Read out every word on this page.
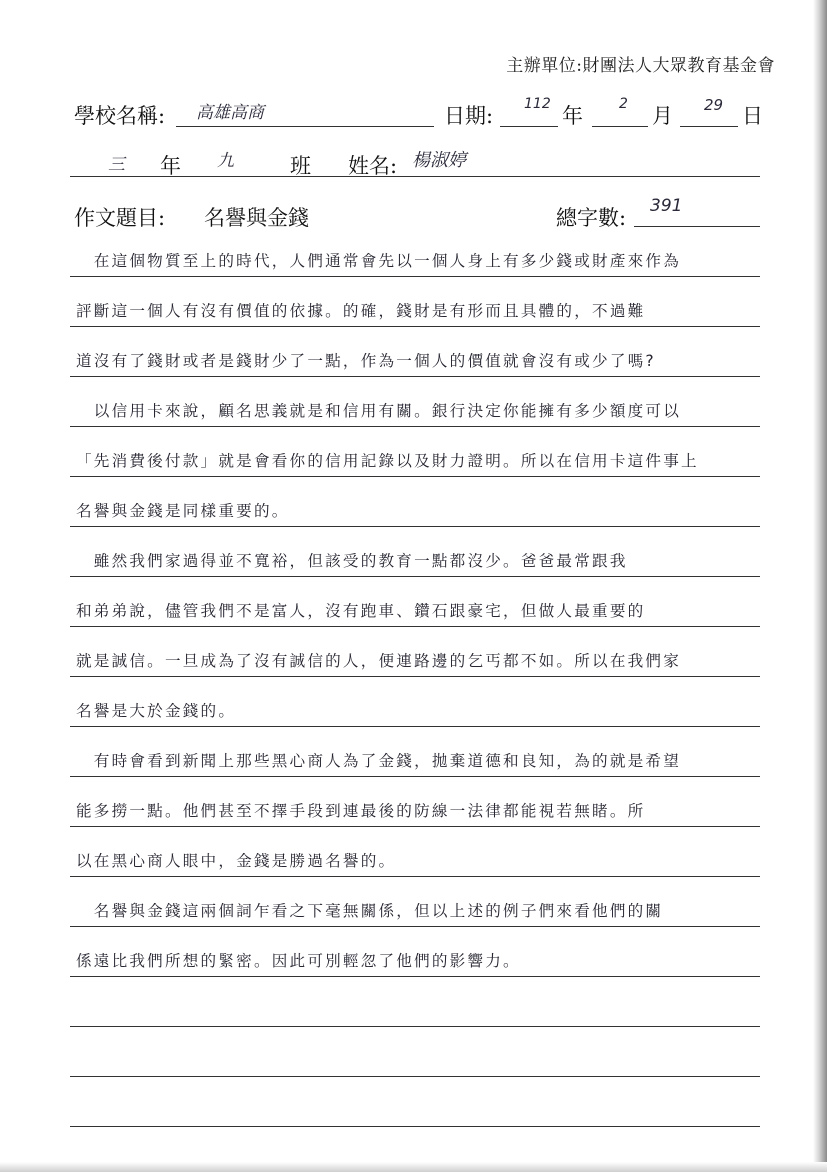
主辦單位:財團法人大眾教育基金會
學校名稱: 高雄高商	日期: 112 年	2 月 29 日
三 年 九	班 姓名: 楊淑婷
作文題目: 名譽與金錢	總字數: 391
　在這個物質至上的時代，人們通常會先以一個人身上有多少錢或財產來作為
評斷這一個人有沒有價值的依據。的確，錢財是有形而且具體的，不過難
道沒有了錢財或者是錢財少了一點，作為一個人的價值就會沒有或少了嗎?
　以信用卡來說，顧名思義就是和信用有關。銀行決定你能擁有多少額度可以
「先消費後付款」就是會看你的信用記錄以及財力證明。所以在信用卡這件事上
名譽與金錢是同樣重要的。
　雖然我們家過得並不寬裕，但該受的教育一點都沒少。爸爸最常跟我
和弟弟說，儘管我們不是富人，沒有跑車、鑽石跟豪宅，但做人最重要的
就是誠信。一旦成為了沒有誠信的人，便連路邊的乞丐都不如。所以在我們家
名譽是大於金錢的。
　有時會看到新聞上那些黑心商人為了金錢，拋棄道德和良知，為的就是希望
能多撈一點。他們甚至不擇手段到連最後的防線一法律都能視若無睹。所
以在黑心商人眼中，金錢是勝過名譽的。
　名譽與金錢這兩個詞乍看之下毫無關係，但以上述的例子們來看他們的關
係遠比我們所想的緊密。因此可別輕忽了他們的影響力。
